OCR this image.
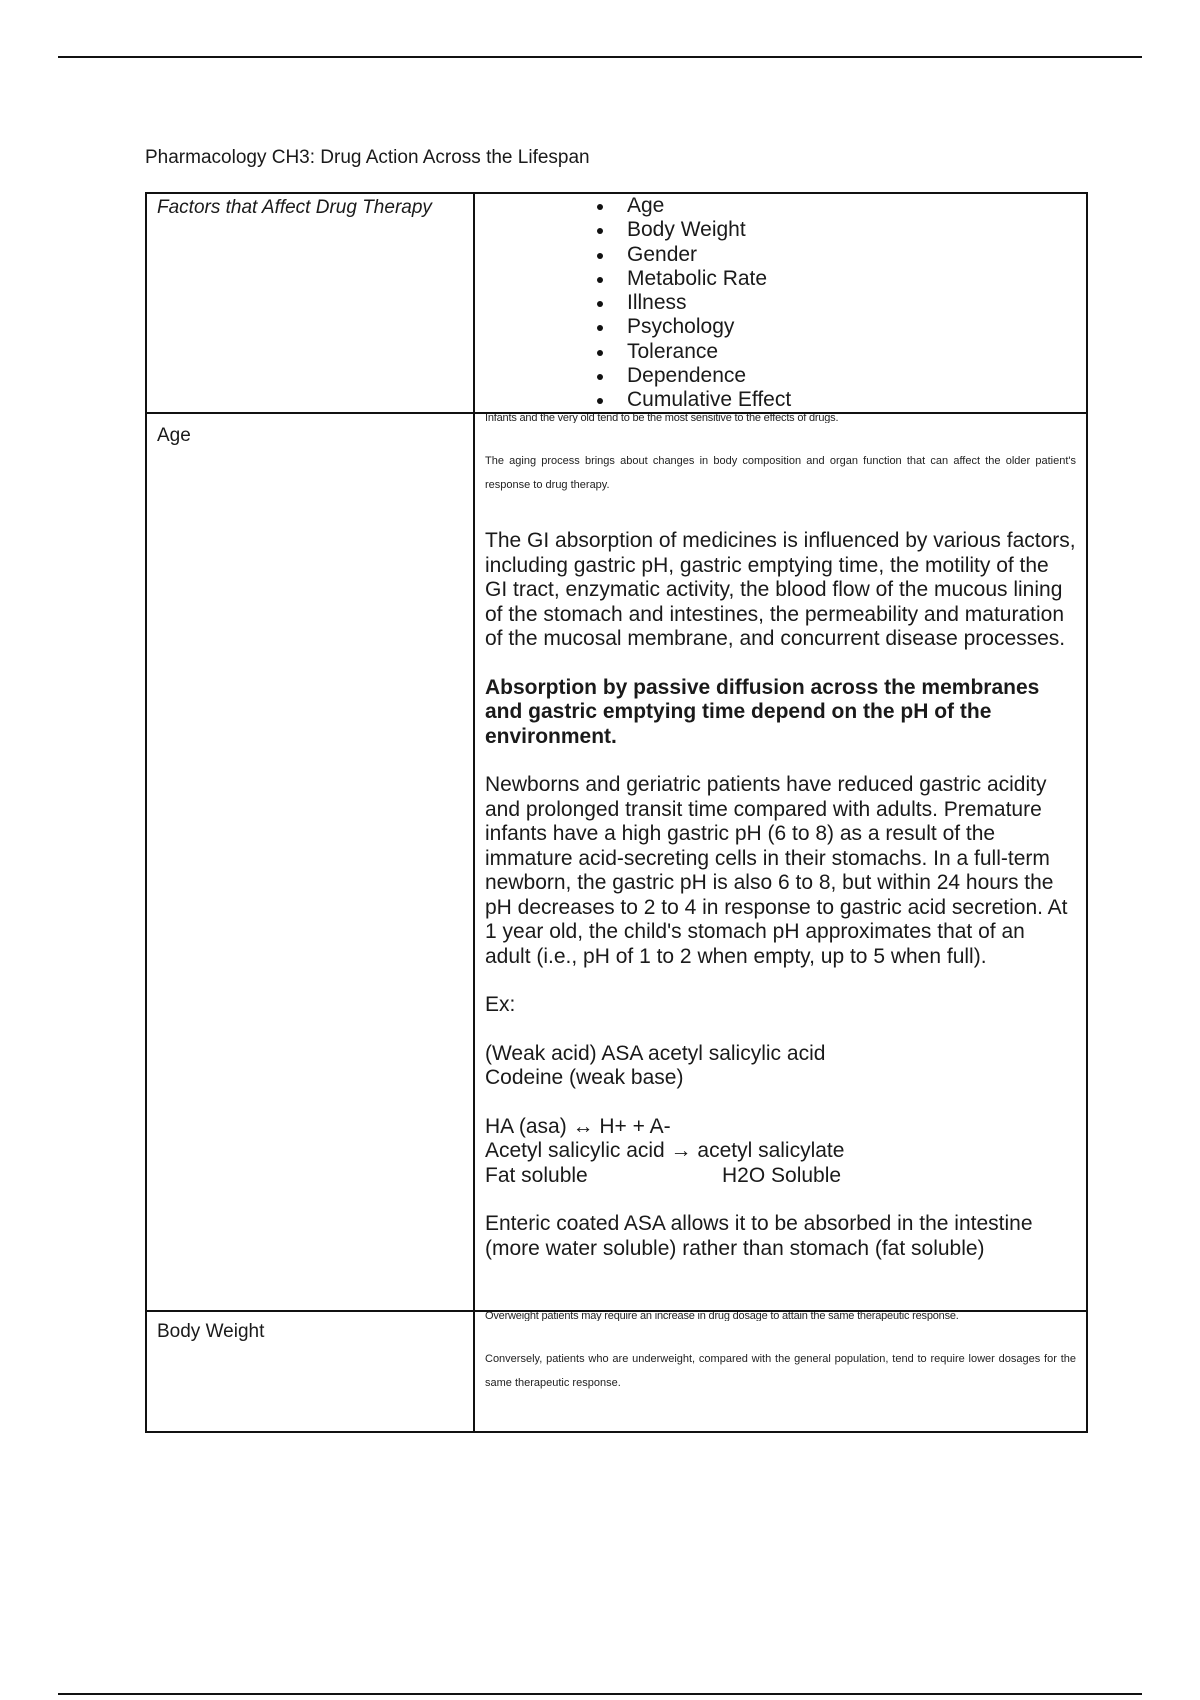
Pharmacology CH3: Drug Action Across the Lifespan
Factors that Affect Drug Therapy	Age
Body Weight
Gender
Metabolic Rate
Illness
Psychology
Tolerance
Dependence
Cumulative Effect
Age

Infants and the very old tend to be the most sensitive to the effects of drugs.

The aging process brings about changes in body composition and organ function that can affect the older patient's response to drug therapy.

The GI absorption of medicines is influenced by various factors, including gastric pH, gastric emptying time, the motility of the GI tract, enzymatic activity, the blood flow of the mucous lining of the stomach and intestines, the permeability and maturation of the mucosal membrane, and concurrent disease processes.

Absorption by passive diffusion across the membranes and gastric emptying time depend on the pH of the environment.

Newborns and geriatric patients have reduced gastric acidity and prolonged transit time compared with adults. Premature infants have a high gastric pH (6 to 8) as a result of the immature acid-secreting cells in their stomachs. In a full-term newborn, the gastric pH is also 6 to 8, but within 24 hours the pH decreases to 2 to 4 in response to gastric acid secretion. At 1 year old, the child's stomach pH approximates that of an adult (i.e., pH of 1 to 2 when empty, up to 5 when full).

Ex:

(Weak acid) ASA acetyl salicylic acid

Codeine (weak base)

HA (asa) ↔ H+ + A-

Acetyl salicylic acid → acetyl salicylate

Fat soluble	H2O Soluble

Enteric coated ASA allows it to be absorbed in the intestine (more water soluble) rather than stomach (fat soluble)

Body Weight

Overweight patients may require an increase in drug dosage to attain the same therapeutic response.

Conversely, patients who are underweight, compared with the general population, tend to require lower dosages for the same therapeutic response.
